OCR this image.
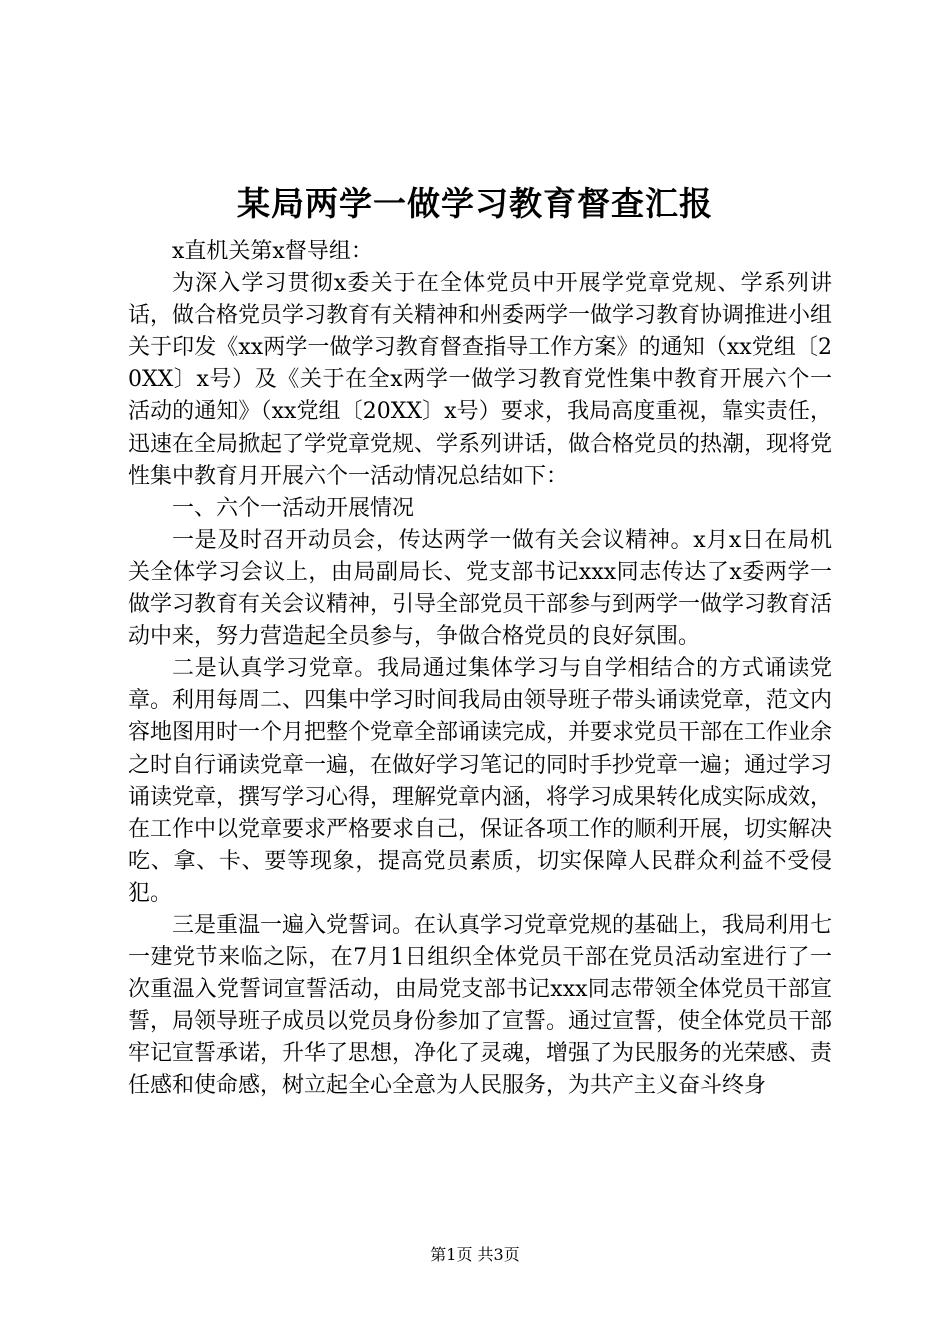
某局两学一做学习教育督查汇报

x直机关第x督导组：

为深入学习贯彻x委关于在全体党员中开展学党章党规、学系列讲话，做合格党员学习教育有关精神和州委两学一做学习教育协调推进小组关于印发《xx两学一做学习教育督查指导工作方案》的通知（xx党组〔20XX〕x号）及《关于在全x两学一做学习教育党性集中教育开展六个一活动的通知》（xx党组〔20XX〕x号）要求，我局高度重视，靠实责任，迅速在全局掀起了学党章党规、学系列讲话，做合格党员的热潮，现将党性集中教育月开展六个一活动情况总结如下：

一、六个一活动开展情况

一是及时召开动员会，传达两学一做有关会议精神。x月x日在局机关全体学习会议上，由局副局长、党支部书记xxx同志传达了x委两学一做学习教育有关会议精神，引导全部党员干部参与到两学一做学习教育活动中来，努力营造起全员参与，争做合格党员的良好氛围。

二是认真学习党章。我局通过集体学习与自学相结合的方式诵读党章。利用每周二、四集中学习时间我局由领导班子带头诵读党章，范文内容地图用时一个月把整个党章全部诵读完成，并要求党员干部在工作业余之时自行诵读党章一遍，在做好学习笔记的同时手抄党章一遍；通过学习诵读党章，撰写学习心得，理解党章内涵，将学习成果转化成实际成效，在工作中以党章要求严格要求自己，保证各项工作的顺利开展，切实解决吃、拿、卡、要等现象，提高党员素质，切实保障人民群众利益不受侵犯。

三是重温一遍入党誓词。在认真学习党章党规的基础上，我局利用七一建党节来临之际，在7月1日组织全体党员干部在党员活动室进行了一次重温入党誓词宣誓活动，由局党支部书记xxx同志带领全体党员干部宣誓，局领导班子成员以党员身份参加了宣誓。通过宣誓，使全体党员干部牢记宣誓承诺，升华了思想，净化了灵魂，增强了为民服务的光荣感、责任感和使命感，树立起全心全意为人民服务，为共产主义奋斗终身

第1页 共3页
